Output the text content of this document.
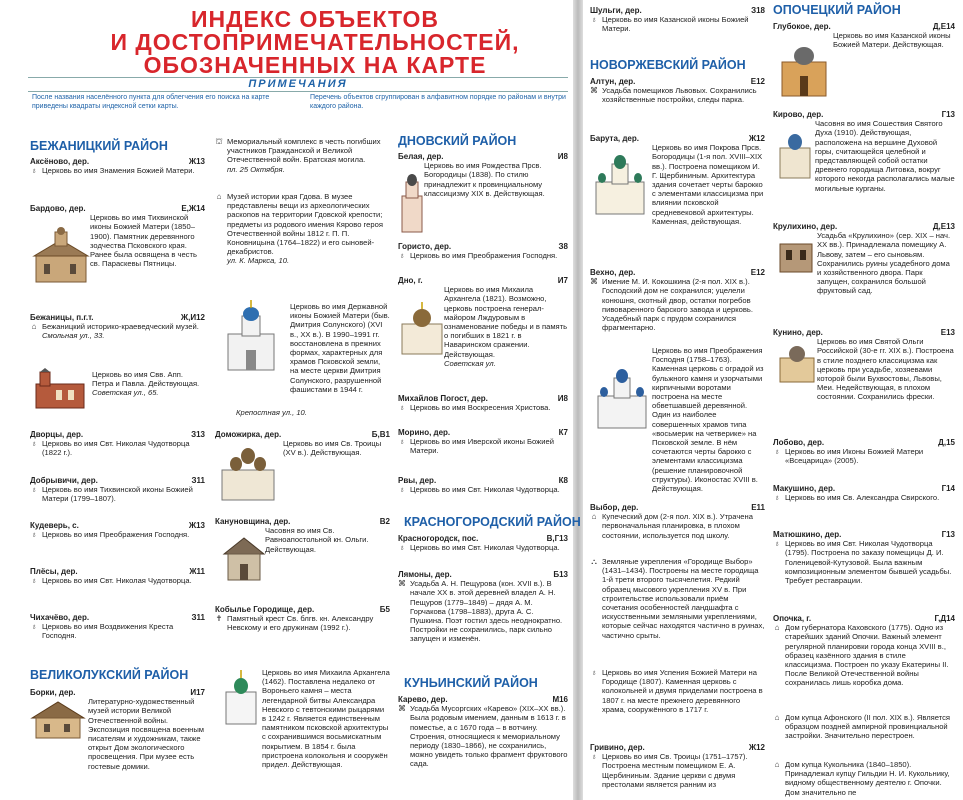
ИНДЕКС ОБЪЕКТОВ
И ДОСТОПРИМЕЧАТЕЛЬНОСТЕЙ,
ОБОЗНАЧЕННЫХ НА КАРТЕ
ПРИМЕЧАНИЯ
После названия населённого пункта для облегчения его поиска на карте приведены квадраты индексной сетки карты.
Перечень объектов сгруппирован в алфавитном порядке по районам и внутри каждого района.
БЕЖАНИЦКИЙ РАЙОН
Аксёново, дер.	Ж13
♁ Церковь во имя Знамения Божией Матери.
Бардово, дер.	Е,Ж14
Церковь во имя Тихвинской иконы Божией Матери (1850–1900). Памятник деревянного зодчества Псковского края. Ранее была освящена в честь св. Параскевы Пятницы.
Бежаницы, п.г.т.	Ж,И12
⌂ Бежаницкий историко-краеведческий музей.
Смольная ул., 33.
Церковь во имя Свв. Апп. Петра и Павла. Действующая.
Советская ул., 65.
Дворцы, дер.	З13
♁ Церковь во имя Свт. Николая Чудотворца (1822 г.).
Добрывичи, дер.	З11
♁ Церковь во имя Тихвинской иконы Божией Матери (1799–1807).
Кудеверь, с.	Ж13
♁ Церковь во имя Преображения Господня.
Плёсы, дер.	Ж11
♁ Церковь во имя Свт. Николая Чудотворца.
Чихачёво, дер.	З11
♁ Церковь во имя Воздвижения Креста Господня.
ВЕЛИКОЛУКСКИЙ РАЙОН
Борки, дер.	И17
Литературно-художественный музей истории Великой Отечественной войны. Экспозиция посвящена военным писателям и художникам, также открыт Дом экологического просвещения. При музее есть гостевые домики.
⛫ Мемориальный комплекс в честь погибших участников Гражданской и Великой Отечественной войн. Братская могила.
пл. 25 Октября.
⌂ Музей истории края Гдова. В музее представлены вещи из археологических раскопов на территории Гдовской крепости; предметы из родового имения Кярово героя Отечественной войны 1812 г. П. П. Коновницына (1764–1822) и его сыновей-декабристов.
ул. К. Маркса, 10.
Церковь во имя Державной иконы Божией Матери (быв. Дмитрия Солунского) (XVI в., XX в.). В 1990–1991 гг. восстановлена в прежних формах, характерных для храмов Псковской земли, на месте церкви Дмитрия Солунского, разрушенной фашистами в 1944 г.
Крепостная ул., 10.
Доможирка, дер.	Б,В1
Церковь во имя Св. Троицы (XV в.). Действующая.
Кануновщина, дер.	В2
Часовня во имя Св. Равноапостольной кн. Ольги. Действующая.
Кобылье Городище, дер.	Б5
✝ Памятный крест Св. блгв. кн. Александру Невскому и его дружинам (1992 г.).
Церковь во имя Михаила Архангела (1462). Поставлена недалеко от Вороньего камня – места легендарной битвы Александра Невского с тевтонскими рыцарями в 1242 г. Является единственным памятником псковской архитектуры с сохранившимся восьмискатным покрытием. В 1854 г. была пристроена колокольня и сооружён придел. Действующая.
ДНОВСКИЙ РАЙОН
Белая, дер.	И8
Церковь во имя Рождества Прсв. Богородицы (1838). По стилю принадлежит к провинциальному классицизму XIX в. Действующая.
Гористо, дер.	З8
♁ Церковь во имя Преображения Господня.
Дно, г.	И7
Церковь во имя Михаила Архангела (1821). Возможно, церковь построена генерал-майором Лждуровым в ознаменование победы и в память о погибших в 1821 г. в Наваринском сражении. Действующая.
Советская ул.
Михайлов Погост, дер.	И8
♁ Церковь во имя Воскресения Христова.
Морино, дер.	К7
♁ Церковь во имя Иверской иконы Божией Матери.
Рвы, дер.	К8
♁ Церковь во имя Свт. Николая Чудотворца.
КРАСНОГОРОДСКИЙ РАЙОН
Красногородск, пос.	В,Г13
♁ Церковь во имя Свт. Николая Чудотворца.
Лямоны, дер.	Б13
⌘ Усадьба А. Н. Пещурова (кон. XVII в.). В начале XX в. этой деревней владел А. Н. Пещуров (1779–1849) – дядя А. М. Горчакова (1798–1883), друга А. С. Пушкина. Поэт гостил здесь неоднократно. Постройки не сохранились, парк сильно запущен и изменён.
КУНЬИНСКИЙ РАЙОН
Карево, дер.	М16
⌘ Усадьба Мусоргских «Карево» (XIX–XX вв.). Была родовым имением, данным в 1613 г. в поместье, а с 1670 года – в вотчину. Строения, относящиеся к мемориальному периоду (1830–1866), не сохранились, можно увидеть только фрагмент фруктового сада.
Шульги, дер.	З18
♁ Церковь во имя Казанской иконы Божией Матери.
НОВОРЖЕВСКИЙ РАЙОН
Алтун, дер.	Е12
⌘ Усадьба помещиков Львовых. Сохранились хозяйственные постройки, следы парка.
Барута, дер.	Ж12
Церковь во имя Покрова Прсв. Богородицы (1-я пол. XVIII–XIX вв.). Построена помещиком И. Г. Щербининым. Архитектура здания сочетает черты барокко с элементами классицизма при влиянии псковской средневековой архитектуры. Каменная, действующая.
Вехно, дер.	Е12
⌘ Имение М. И. Кокошкина (2-я пол. XIX в.). Господский дом не сохранился; уцелели конюшня, скотный двор, остатки погребов пивоваренного барского завода и церковь. Усадебный парк с прудом сохранился фрагментарно.
Церковь во имя Преображения Господня (1758–1763). Каменная церковь с оградой из бульжного камня и узорчатыми кирпичными воротами построена на месте обветшавшей деревянной. Один из наиболее совершенных храмов типа «восьмерик на четверике» на Псковской земле. В нём сочетаются черты барокко с элементами классицизма (решение планировочной структуры). Иконостас XVIII в. Действующая.
Выбор, дер.	Е11
⌂ Купеческий дом (2-я пол. XIX в.). Утрачена первоначальная планировка, в плохом состоянии, используется под школу.
⛬ Земляные укрепления «Городище Выбор» (1431–1434). Построены на месте городища 1-й трети второго тысячелетия. Редкий образец мысового укрепления XV в. При строительстве использовали приём сочетания особенностей ландшафта с искусственными земляными укреплениями, которые сейчас находятся частично в руинах, частично срыты.
♁ Церковь во имя Успения Божией Матери на Городище (1807). Каменная церковь с колокольней и двумя приделами построена в 1807 г. на месте прежнего деревянного храма, сооружённого в 1717 г.
Гривино, дер.	Ж12
♁ Церковь во имя Св. Троицы (1751–1757). Построена местным помещиком Е. А. Щербининым. Здание церкви с двумя престолами является ранним из
ОПОЧЕЦКИЙ РАЙОН
Глубокое, дер.	Д,Е14
Церковь во имя Казанской иконы Божией Матери. Действующая.
Кирово, дер.	Г13
Часовня во имя Сошествия Святого Духа (1910). Действующая, расположена на вершине Духовой горы, считающейся целебной и представляющей собой остатки древнего городища Литовка, вокруг которого некогда располагались малые могильные курганы.
Крулихино, дер.	Д,Е13
Усадьба «Крулихино» (сер. XIX – нач. XX вв.). Принадлежала помещику А. Львову, затем – его сыновьям. Сохранились руины усадебного дома и хозяйственного двора. Парк запущен, сохранился большой фруктовый сад.
Кунино, дер.	Е13
Церковь во имя Святой Ольги Российской (30-е гг. XIX в.). Построена в стиле позднего классицизма как церковь при усадьбе, хозяевами которой были Бухвостовы, Львовы, Меи. Недействующая, в плохом состоянии. Сохранились фрески.
Лобово, дер.	Д,15
♁ Церковь во имя Иконы Божией Матери «Всецарица» (2005).
Макушино, дер.	Г14
♁ Церковь во имя Св. Александра Свирского.
Матюшкино, дер.	Г13
♁ Церковь во имя Свт. Николая Чудотворца (1795). Построена по заказу помещицы Д. И. Голеницевой-Кутузовой. Была важным композиционным элементом бывшей усадьбы. Требует реставрации.
Опочка, г.	Г,Д14
⌂ Дом губернатора Каховского (1775). Одно из старейших зданий Опочки. Важный элемент регулярной планировки города конца XVIII в., образец казённого здания в стиле классицизма. Построен по указу Екатерины II. После Великой Отечественной войны сохранилась лишь коробка дома.
⌂ Дом купца Афонского (II пол. XIX в.). Является образцом поздней ампирной провинциальной застройки. Значительно перестроен.
⌂ Дом купца Кукольника (1840–1850). Принадлежал купцу Гильдии Н. И. Кукольнику, видному общественному деятелю г. Опочки. Дом значительно пе
